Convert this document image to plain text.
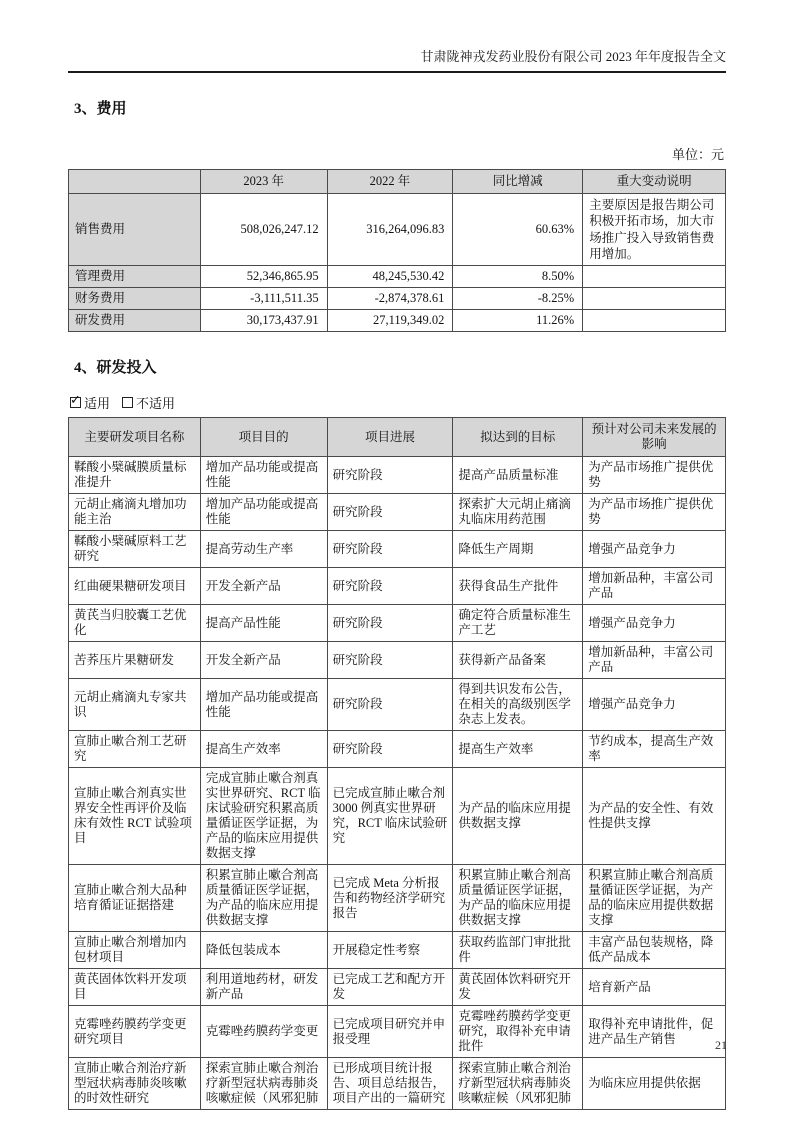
甘肃陇神戎发药业股份有限公司 2023 年年度报告全文
3、费用
单位：元
	2023 年	2022 年	同比增减	重大变动说明
销售费用	508,026,247.12	316,264,096.83	60.63%	主要原因是报告期公司积极开拓市场，加大市场推广投入导致销售费用增加。
管理费用	52,346,865.95	48,245,530.42	8.50%	
财务费用	-3,111,511.35	-2,874,378.61	-8.25%	
研发费用	30,173,437.91	27,119,349.02	11.26%	
4、研发投入
✓ 适用 不适用
主要研发项目名称	项目目的	项目进展	拟达到的目标	预计对公司未来发展的影响
鞣酸小檗碱膜质量标准提升	增加产品功能或提高性能	研究阶段	提高产品质量标准	为产品市场推广提供优势
元胡止痛滴丸增加功能主治	增加产品功能或提高性能	研究阶段	探索扩大元胡止痛滴丸临床用药范围	为产品市场推广提供优势
鞣酸小檗碱原料工艺研究	提高劳动生产率	研究阶段	降低生产周期	增强产品竞争力
红曲硬果糖研发项目	开发全新产品	研究阶段	获得食品生产批件	增加新品种，丰富公司产品
黄芪当归胶囊工艺优化	提高产品性能	研究阶段	确定符合质量标准生产工艺	增强产品竞争力
苦荞压片果糖研发	开发全新产品	研究阶段	获得新产品备案	增加新品种，丰富公司产品
元胡止痛滴丸专家共识	增加产品功能或提高性能	研究阶段	得到共识发布公告，在相关的高级别医学杂志上发表。	增强产品竞争力
宣肺止嗽合剂工艺研究	提高生产效率	研究阶段	提高生产效率	节约成本，提高生产效率
宣肺止嗽合剂真实世界安全性再评价及临床有效性 RCT 试验项目	完成宣肺止嗽合剂真实世界研究、RCT 临床试验研究积累高质量循证医学证据，为产品的临床应用提供数据支撑	已完成宣肺止嗽合剂 3000 例真实世界研究，RCT 临床试验研究	为产品的临床应用提供数据支撑	为产品的安全性、有效性提供支撑
宣肺止嗽合剂大品种培育循证证据搭建	积累宣肺止嗽合剂高质量循证医学证据，为产品的临床应用提供数据支撑	已完成 Meta 分析报告和药物经济学研究报告	积累宣肺止嗽合剂高质量循证医学证据，为产品的临床应用提供数据支撑	积累宣肺止嗽合剂高质量循证医学证据，为产品的临床应用提供数据支撑
宣肺止嗽合剂增加内包材项目	降低包装成本	开展稳定性考察	获取药监部门审批批件	丰富产品包装规格，降低产品成本
黄芪固体饮料开发项目	利用道地药材，研发新产品	已完成工艺和配方开发	黄芪固体饮料研究开发	培育新产品
克霉唑药膜药学变更研究项目	克霉唑药膜药学变更	已完成项目研究并申报受理	克霉唑药膜药学变更研究，取得补充申请批件	取得补充申请批件，促进产品生产销售
宣肺止嗽合剂治疗新型冠状病毒肺炎咳嗽的时效性研究	探索宣肺止嗽合剂治疗新型冠状病毒肺炎咳嗽症候（风邪犯肺	已形成项目统计报告、项目总结报告，项目产出的一篇研究	探索宣肺止嗽合剂治疗新型冠状病毒肺炎咳嗽症候（风邪犯肺	为临床应用提供依据
21
